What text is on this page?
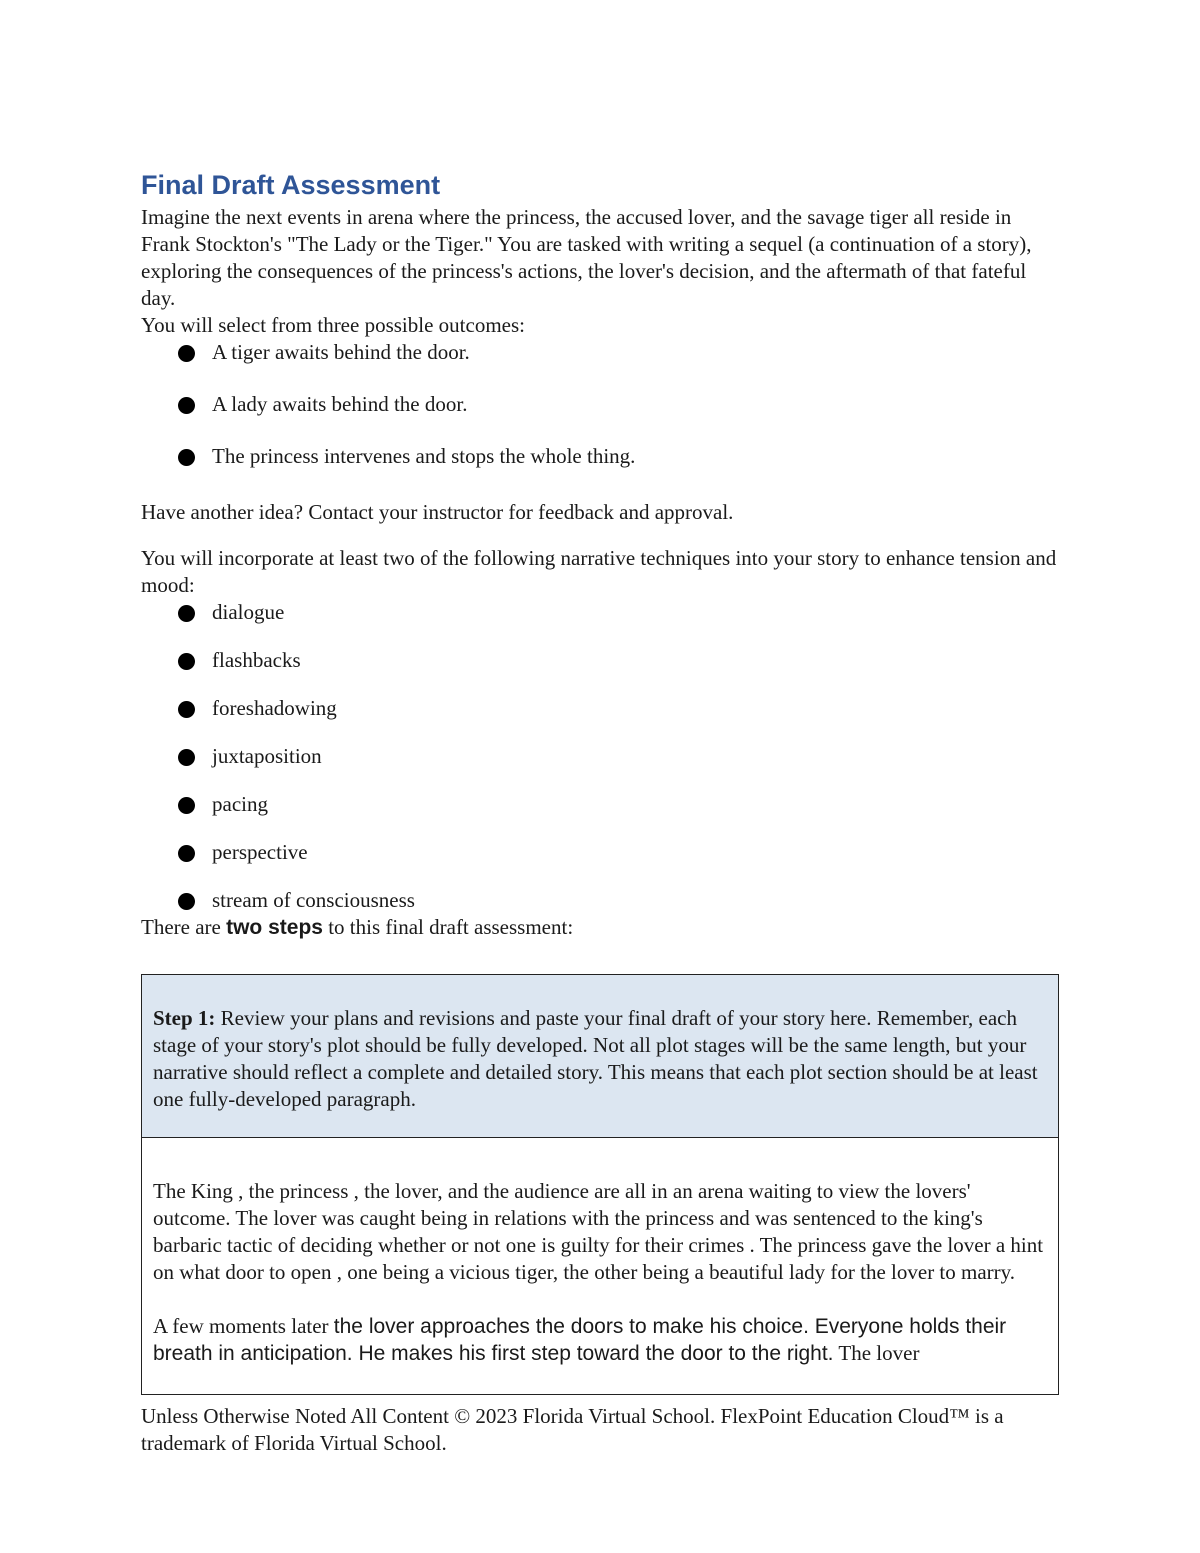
Final Draft Assessment

Imagine the next events in arena where the princess, the accused lover, and the savage tiger all reside in Frank Stockton's "The Lady or the Tiger." You are tasked with writing a sequel (a continuation of a story), exploring the consequences of the princess's actions, the lover's decision, and the aftermath of that fateful day.

You will select from three possible outcomes:

A tiger awaits behind the door.
A lady awaits behind the door.
The princess intervenes and stops the whole thing.

Have another idea? Contact your instructor for feedback and approval.

You will incorporate at least two of the following narrative techniques into your story to enhance tension and mood:

dialogue
flashbacks
foreshadowing
juxtaposition
pacing
perspective
stream of consciousness

There are two steps to this final draft assessment:

Step 1: Review your plans and revisions and paste your final draft of your story here. Remember, each stage of your story's plot should be fully developed. Not all plot stages will be the same length, but your narrative should reflect a complete and detailed story. This means that each plot section should be at least one fully-developed paragraph.

The King , the princess , the lover, and the audience are all in an arena waiting to view the lovers' outcome. The lover was caught being in relations with the princess and was sentenced to the king's barbaric tactic of deciding whether or not one is guilty for their crimes . The princess gave the lover a hint on what door to open , one being a vicious tiger, the other being a beautiful lady for the lover to marry.

A few moments later the lover approaches the doors to make his choice. Everyone holds their breath in anticipation. He makes his first step toward the door to the right. The lover

Unless Otherwise Noted All Content © 2023 Florida Virtual School. FlexPoint Education Cloud™ is a trademark of Florida Virtual School.
